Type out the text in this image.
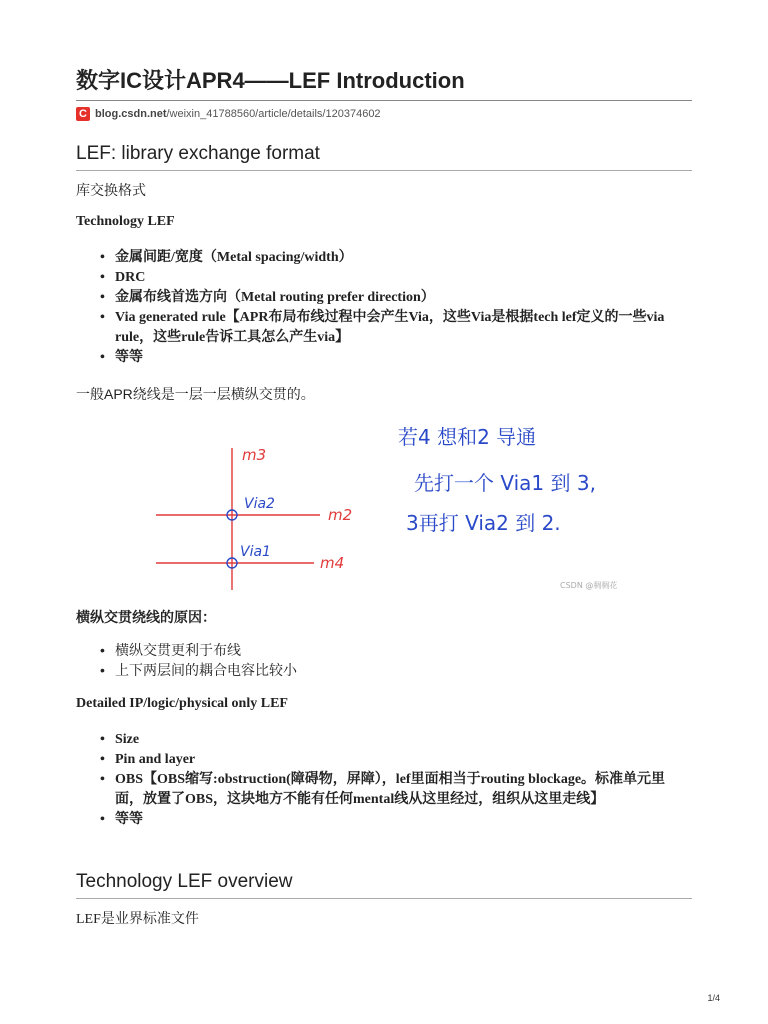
数字IC设计APR4——LEF Introduction
C blog.csdn.net/weixin_41788560/article/details/120374602
LEF: library exchange format
库交换格式
Technology LEF
• 金属间距/宽度（Metal spacing/width）
• DRC
• 金属布线首选方向（Metal routing prefer direction）
• Via generated rule【APR布局布线过程中会产生Via，这些Via是根据tech lef定义的一些via rule，这些rule告诉工具怎么产生via】
• 等等
一般APR绕线是一层一层横纵交贯的。
m3
m2
m4
Via2
Via1
若4 想和2 导通
先打一个 Via1 到 3,
3再打 Via2 到 2.
CSDN @稠稠花
横纵交贯绕线的原因：
• 横纵交贯更利于布线
• 上下两层间的耦合电容比较小
Detailed IP/logic/physical only LEF
• Size
• Pin and layer
• OBS【OBS缩写:obstruction(障碍物，屏障），lef里面相当于routing blockage。标准单元里面，放置了OBS，这块地方不能有任何mental线从这里经过，组织从这里走线】
• 等等
Technology LEF overview
LEF是业界标准文件
1/4
